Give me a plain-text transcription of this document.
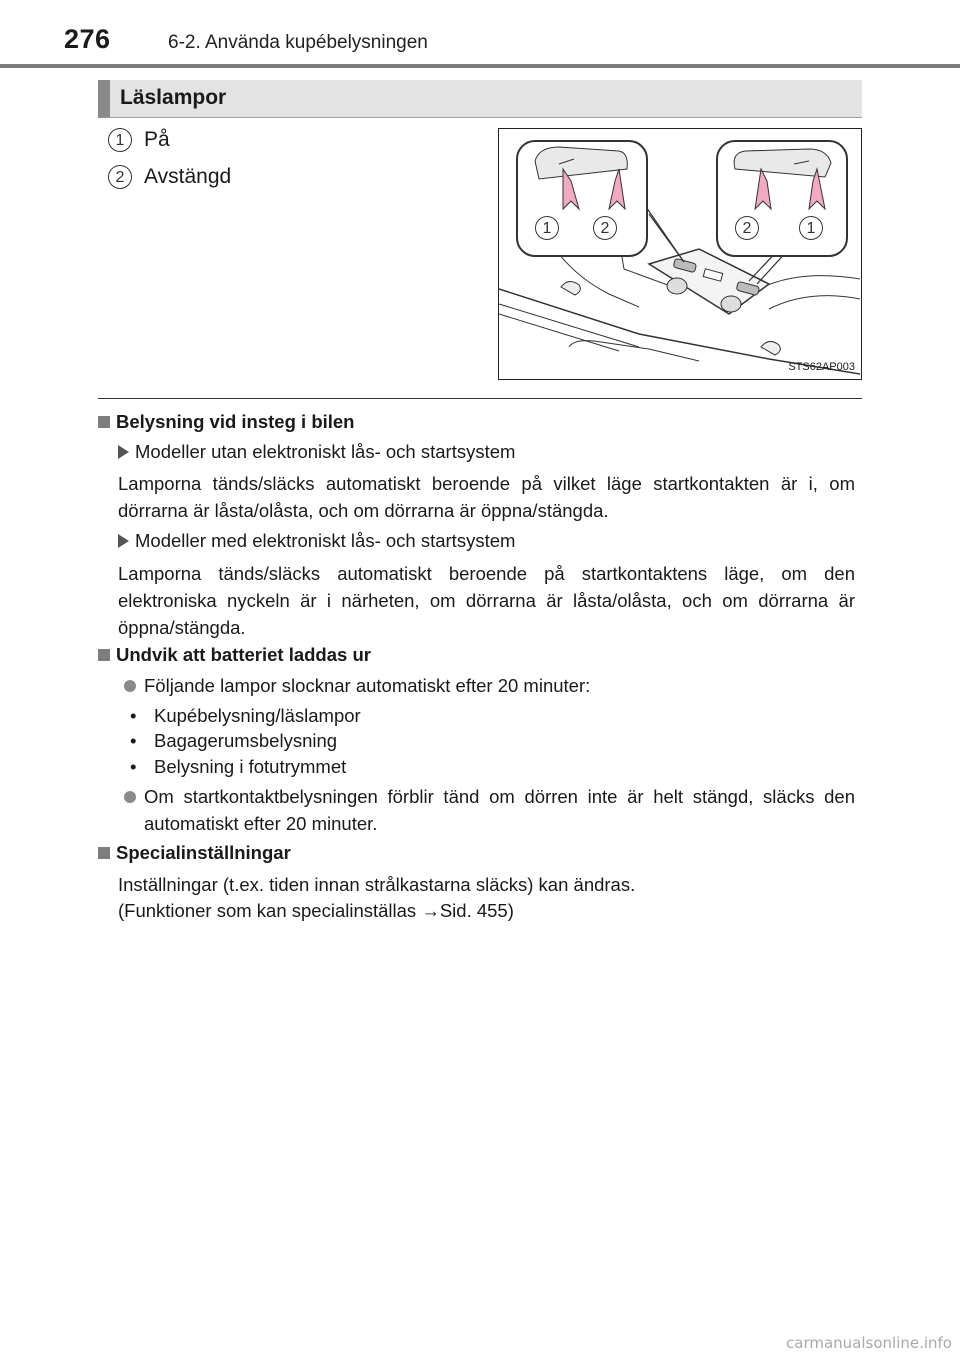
276	6-2. Använda kupébelysningen
Läslampor
1 På
2 Avstängd
1	2	2	1
STS62AP003
Belysning vid insteg i bilen
Modeller utan elektroniskt lås- och startsystem
Lamporna tänds/släcks automatiskt beroende på vilket läge startkontakten är i, om dörrarna är låsta/olåsta, och om dörrarna är öppna/stängda.
Modeller med elektroniskt lås- och startsystem
Lamporna tänds/släcks automatiskt beroende på startkontaktens läge, om den elektroniska nyckeln är i närheten, om dörrarna är låsta/olåsta, och om dörrarna är öppna/stängda.
Undvik att batteriet laddas ur
Följande lampor slocknar automatiskt efter 20 minuter:
• Kupébelysning/läslampor
• Bagagerumsbelysning
• Belysning i fotutrymmet
Om startkontaktbelysningen förblir tänd om dörren inte är helt stängd, släcks den automatiskt efter 20 minuter.
Specialinställningar
Inställningar (t.ex. tiden innan strålkastarna släcks) kan ändras.
(Funktioner som kan specialinställas →Sid. 455)
carmanualsonline.info
